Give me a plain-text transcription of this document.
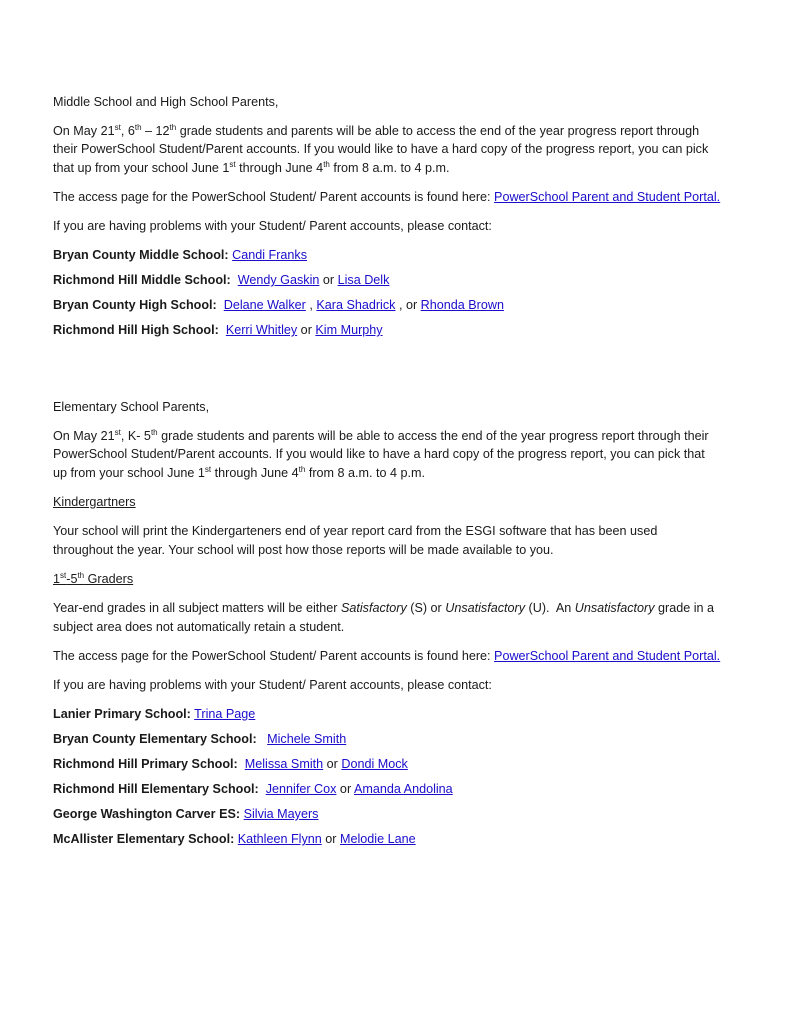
Middle School and High School Parents,
On May 21st, 6th – 12th grade students and parents will be able to access the end of the year progress report through
their PowerSchool Student/Parent accounts. If you would like to have a hard copy of the progress report, you can pick
that up from your school June 1st through June 4th from 8 a.m. to 4 p.m.
The access page for the PowerSchool Student/ Parent accounts is found here: PowerSchool Parent and Student Portal.
If you are having problems with your Student/ Parent accounts, please contact:
Bryan County Middle School: Candi Franks
Richmond Hill Middle School: Wendy Gaskin or Lisa Delk
Bryan County High School: Delane Walker , Kara Shadrick , or Rhonda Brown
Richmond Hill High School: Kerri Whitley or Kim Murphy
Elementary School Parents,
On May 21st, K- 5th grade students and parents will be able to access the end of the year progress report through their
PowerSchool Student/Parent accounts. If you would like to have a hard copy of the progress report, you can pick that
up from your school June 1st through June 4th from 8 a.m. to 4 p.m.
Kindergartners
Your school will print the Kindergarteners end of year report card from the ESGI software that has been used
throughout the year. Your school will post how those reports will be made available to you.
1st-5th Graders
Year-end grades in all subject matters will be either Satisfactory (S) or Unsatisfactory (U).  An Unsatisfactory grade in a
subject area does not automatically retain a student.
The access page for the PowerSchool Student/ Parent accounts is found here: PowerSchool Parent and Student Portal.
If you are having problems with your Student/ Parent accounts, please contact:
Lanier Primary School: Trina Page
Bryan County Elementary School: Michele Smith
Richmond Hill Primary School: Melissa Smith or Dondi Mock
Richmond Hill Elementary School: Jennifer Cox or Amanda Andolina
George Washington Carver ES: Silvia Mayers
McAllister Elementary School: Kathleen Flynn or Melodie Lane
